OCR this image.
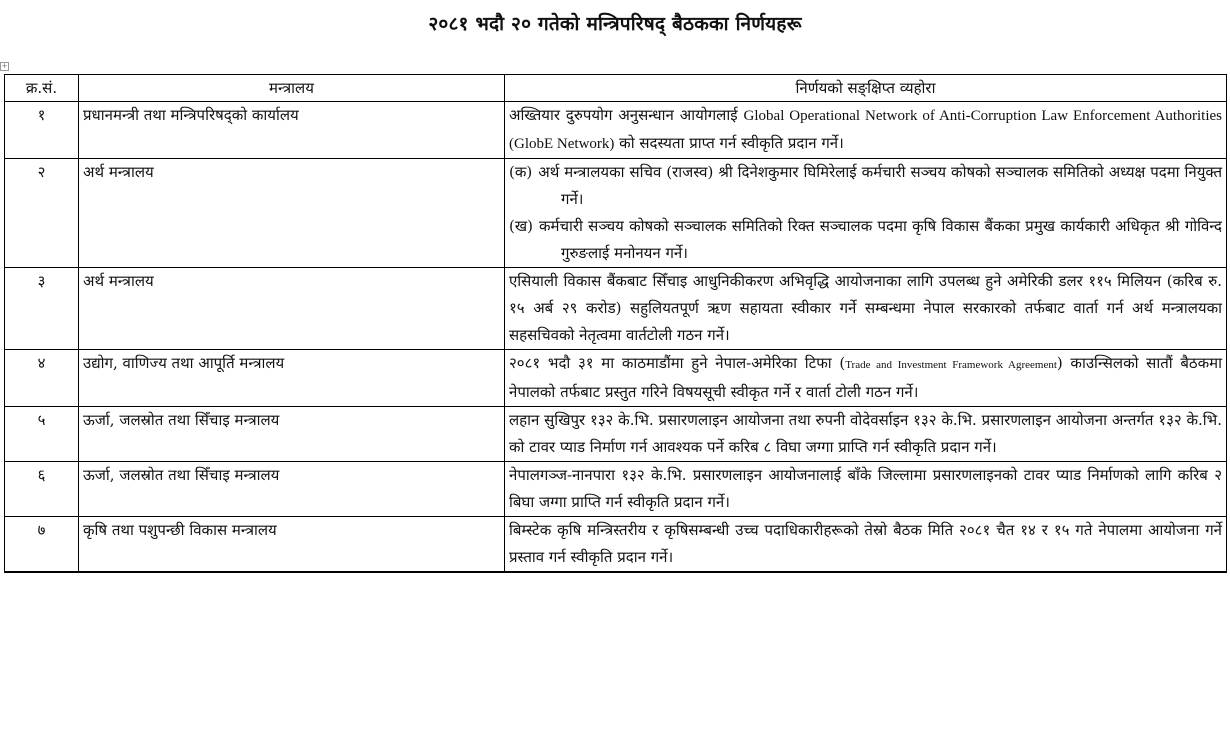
२०८१ भदौ २० गतेको मन्त्रिपरिषद् बैठकका निर्णयहरू
+
क्र.सं.	मन्त्रालय	निर्णयको सङ्क्षिप्त व्यहोरा
१	प्रधानमन्त्री तथा मन्त्रिपरिषद्को कार्यालय	अख्तियार दुरुपयोग अनुसन्धान आयोगलाई Global Operational Network of Anti-Corruption Law Enforcement Authorities (GlobE Network) को सदस्यता प्राप्त गर्न स्वीकृति प्रदान गर्ने।
२	अर्थ मन्त्रालय	(क) अर्थ मन्त्रालयका सचिव (राजस्व) श्री दिनेशकुमार घिमिरेलाई कर्मचारी सञ्चय कोषको सञ्चालक समितिको अध्यक्ष पदमा नियुक्त गर्ने।
(ख) कर्मचारी सञ्चय कोषको सञ्चालक समितिको रिक्त सञ्चालक पदमा कृषि विकास बैंकका प्रमुख कार्यकारी अधिकृत श्री गोविन्द गुरुङलाई मनोनयन गर्ने।

३	अर्थ मन्त्रालय	एसियाली विकास बैंकबाट सिँचाइ आधुनिकीकरण अभिवृद्धि आयोजनाका लागि उपलब्ध हुने अमेरिकी डलर ११५ मिलियन (करिब रु. १५ अर्ब २९ करोड) सहुलियतपूर्ण ऋण सहायता स्वीकार गर्ने सम्बन्धमा नेपाल सरकारको तर्फबाट वार्ता गर्न अर्थ मन्त्रालयका सहसचिवको नेतृत्वमा वार्तटोली गठन गर्ने।
४	उद्योग, वाणिज्य तथा आपूर्ति मन्त्रालय	२०८१ भदौ ३१ मा काठमाडौंमा हुने नेपाल-अमेरिका टिफा (Trade and Investment Framework Agreement) काउन्सिलको सातौं बैठकमा नेपालको तर्फबाट प्रस्तुत गरिने विषयसूची स्वीकृत गर्ने र वार्ता टोली गठन गर्ने।
५	ऊर्जा, जलस्रोत तथा सिँचाइ मन्त्रालय	लहान सुखिपुर १३२ के.भि. प्रसारणलाइन आयोजना तथा रुपनी वोदेवर्साइन १३२ के.भि. प्रसारणलाइन आयोजना अन्तर्गत १३२ के.भि. को टावर प्याड निर्माण गर्न आवश्यक पर्ने करिब ८ विघा जग्गा प्राप्ति गर्न स्वीकृति प्रदान गर्ने।
६	ऊर्जा, जलस्रोत तथा सिँचाइ मन्त्रालय	नेपालगञ्ज-नानपारा १३२ के.भि. प्रसारणलाइन आयोजनालाई बाँके जिल्लामा प्रसारणलाइनको टावर प्याड निर्माणको लागि करिब २ बिघा जग्गा प्राप्ति गर्न स्वीकृति प्रदान गर्ने।
७	कृषि तथा पशुपन्छी विकास मन्त्रालय	बिम्स्टेक कृषि मन्त्रिस्तरीय र कृषिसम्बन्धी उच्च पदाधिकारीहरूको तेस्रो बैठक मिति २०८१ चैत १४ र १५ गते नेपालमा आयोजना गर्ने प्रस्ताव गर्न स्वीकृति प्रदान गर्ने।
